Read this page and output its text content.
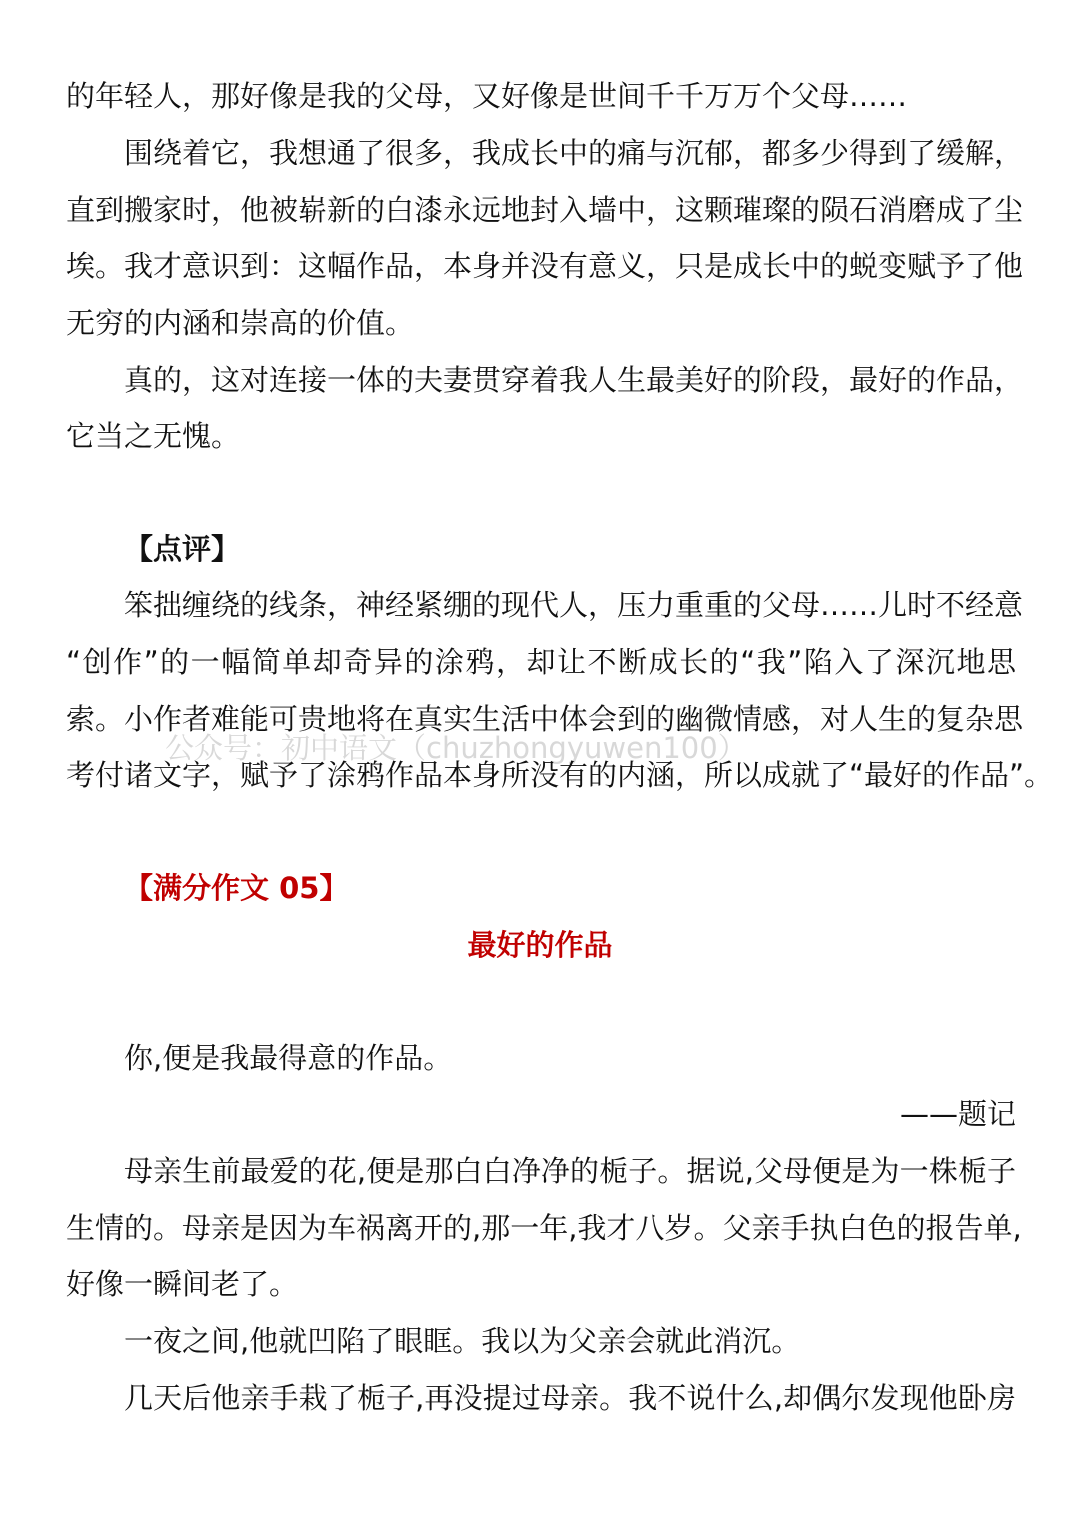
的年轻人，那好像是我的父母，又好像是世间千千万万个父母……
围绕着它，我想通了很多，我成长中的痛与沉郁，都多少得到了缓解，
直到搬家时，他被崭新的白漆永远地封入墙中，这颗璀璨的陨石消磨成了尘
埃。我才意识到：这幅作品，本身并没有意义，只是成长中的蜕变赋予了他
无穷的内涵和崇高的价值。
真的，这对连接一体的夫妻贯穿着我人生最美好的阶段，最好的作品，
它当之无愧。
【点评】
笨拙缠绕的线条，神经紧绷的现代人，压力重重的父母……儿时不经意
“创作”的一幅简单却奇异的涂鸦，却让不断成长的“我”陷入了深沉地思
索。小作者难能可贵地将在真实生活中体会到的幽微情感，对人生的复杂思
公众号：初中语文（chuzhongyuwen100）
考付诸文字，赋予了涂鸦作品本身所没有的内涵，所以成就了“最好的作品”。
【满分作文 05】
最好的作品
你,便是我最得意的作品。
——题记
母亲生前最爱的花,便是那白白净净的栀子。据说,父母便是为一株栀子
生情的。母亲是因为车祸离开的,那一年,我才八岁。父亲手执白色的报告单,
好像一瞬间老了。
一夜之间,他就凹陷了眼眶。我以为父亲会就此消沉。
几天后他亲手栽了栀子,再没提过母亲。我不说什么,却偶尔发现他卧房
